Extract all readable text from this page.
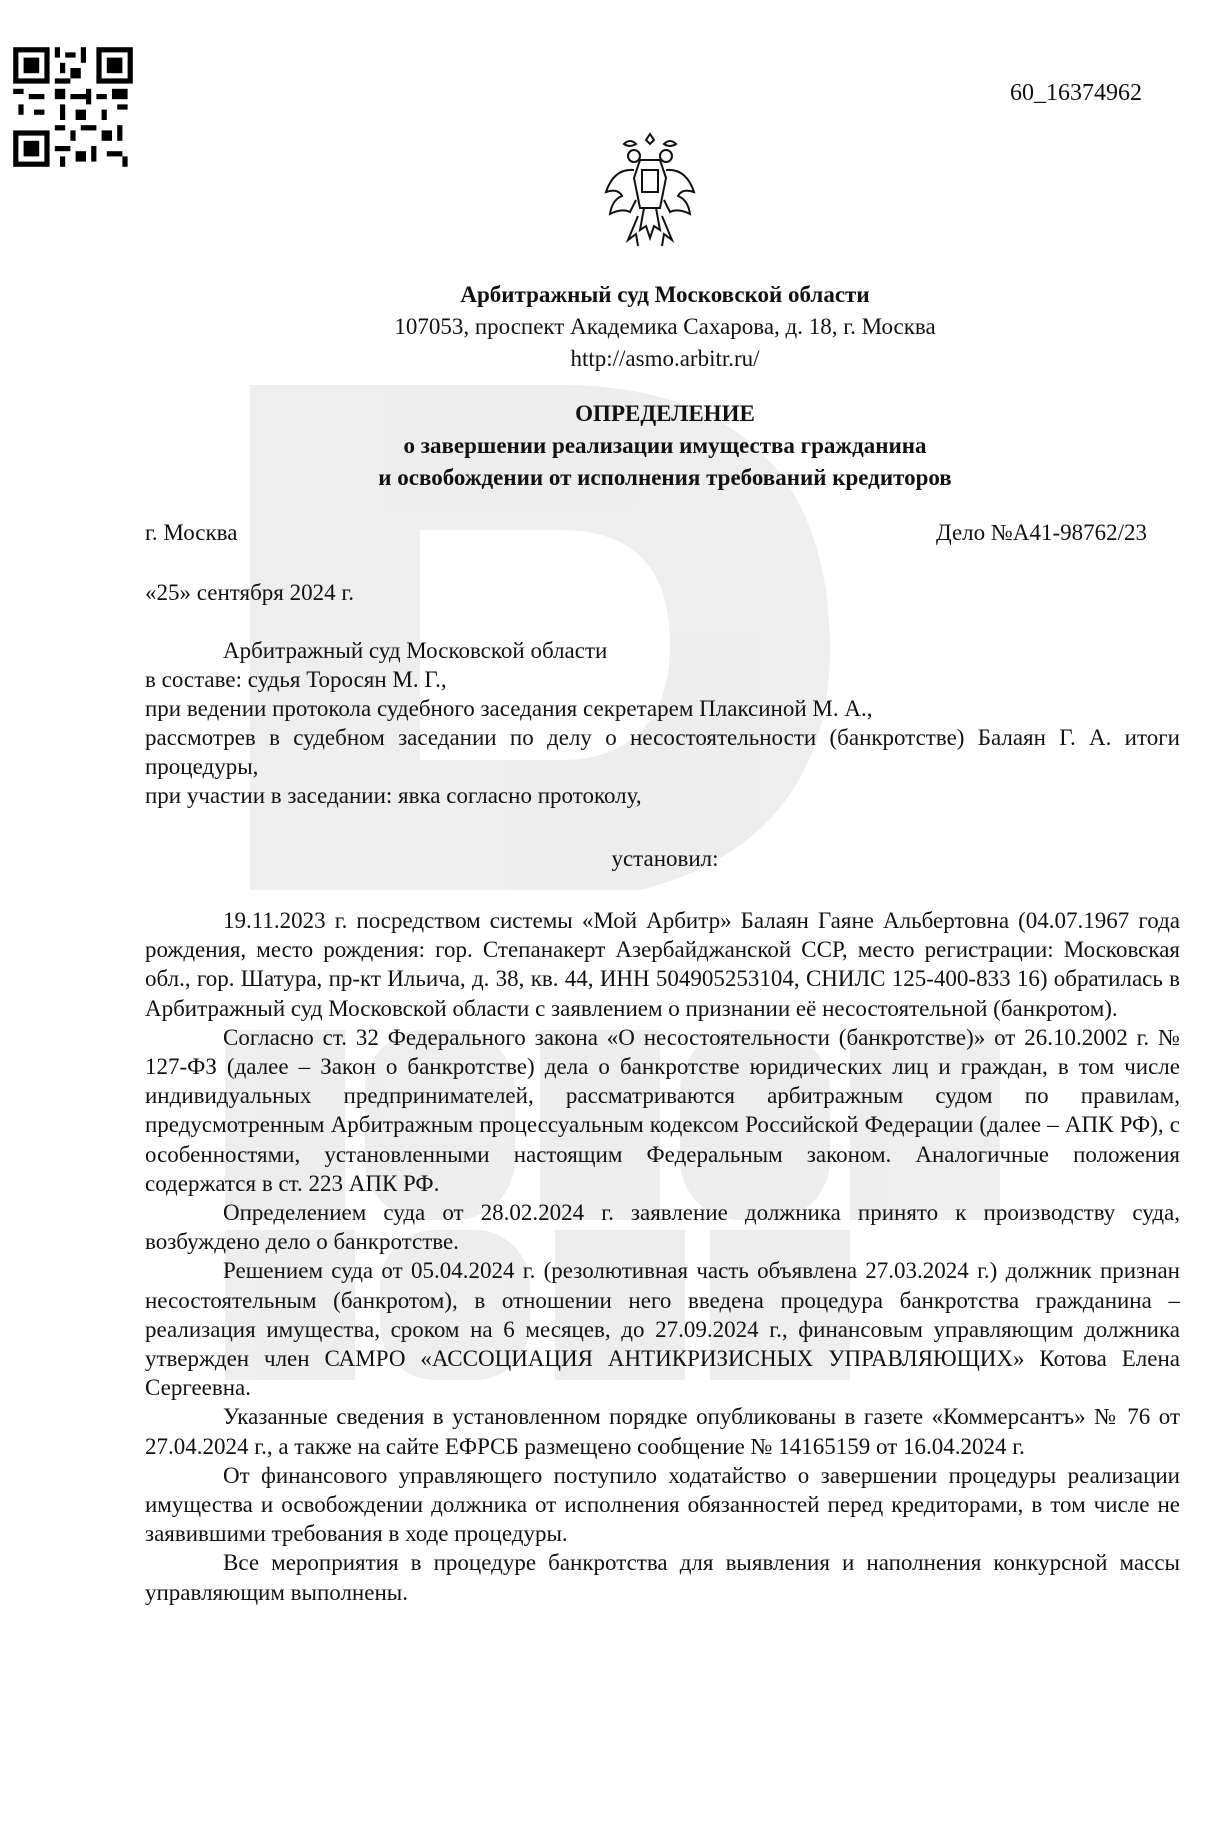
60_16374962
Арбитражный суд Московской области
107053, проспект Академика Сахарова, д. 18, г. Москва
http://asmo.arbitr.ru/
ОПРЕДЕЛЕНИЕ
о завершении реализации имущества гражданина
и освобождении от исполнения требований кредиторов
г. Москва	Дело №А41-98762/23
«25» сентября 2024 г.

Арбитражный суд Московской области

в составе: судья Торосян М. Г.,

при ведении протокола судебного заседания секретарем Плаксиной М. А.,

рассмотрев в судебном заседании по делу о несостоятельности (банкротстве) Балаян Г. А. итоги процедуры,

при участии в заседании: явка согласно протоколу,

установил:

19.11.2023 г. посредством системы «Мой Арбитр» Балаян Гаяне Альбертовна (04.07.1967 года рождения, место рождения: гор. Степанакерт Азербайджанской ССР, место регистрации: Московская обл., гор. Шатура, пр-кт Ильича, д. 38, кв. 44, ИНН 504905253104, СНИЛС 125-400-833 16) обратилась в Арбитражный суд Московской области с заявлением о признании её несостоятельной (банкротом).

Согласно ст. 32 Федерального закона «О несостоятельности (банкротстве)» от 26.10.2002 г. № 127-ФЗ (далее – Закон о банкротстве) дела о банкротстве юридических лиц и граждан, в том числе индивидуальных предпринимателей, рассматриваются арбитражным судом по правилам, предусмотренным Арбитражным процессуальным кодексом Российской Федерации (далее – АПК РФ), с особенностями, установленными настоящим Федеральным законом. Аналогичные положения содержатся в ст. 223 АПК РФ.

Определением суда от 28.02.2024 г. заявление должника принято к производству суда, возбуждено дело о банкротстве.

Решением суда от 05.04.2024 г. (резолютивная часть объявлена 27.03.2024 г.) должник признан несостоятельным (банкротом), в отношении него введена процедура банкротства гражданина – реализация имущества, сроком на 6 месяцев, до 27.09.2024 г., финансовым управляющим должника утвержден член САМРО «АССОЦИАЦИЯ АНТИКРИЗИСНЫХ УПРАВЛЯЮЩИХ» Котова Елена Сергеевна.

Указанные сведения в установленном порядке опубликованы в газете «Коммерсантъ» № 76 от 27.04.2024 г., а также на сайте ЕФРСБ размещено сообщение № 14165159 от 16.04.2024 г.

От финансового управляющего поступило ходатайство о завершении процедуры реализации имущества и освобождении должника от исполнения обязанностей перед кредиторами, в том числе не заявившими требования в ходе процедуры.

Все мероприятия в процедуре банкротства для выявления и наполнения конкурсной массы управляющим выполнены.
